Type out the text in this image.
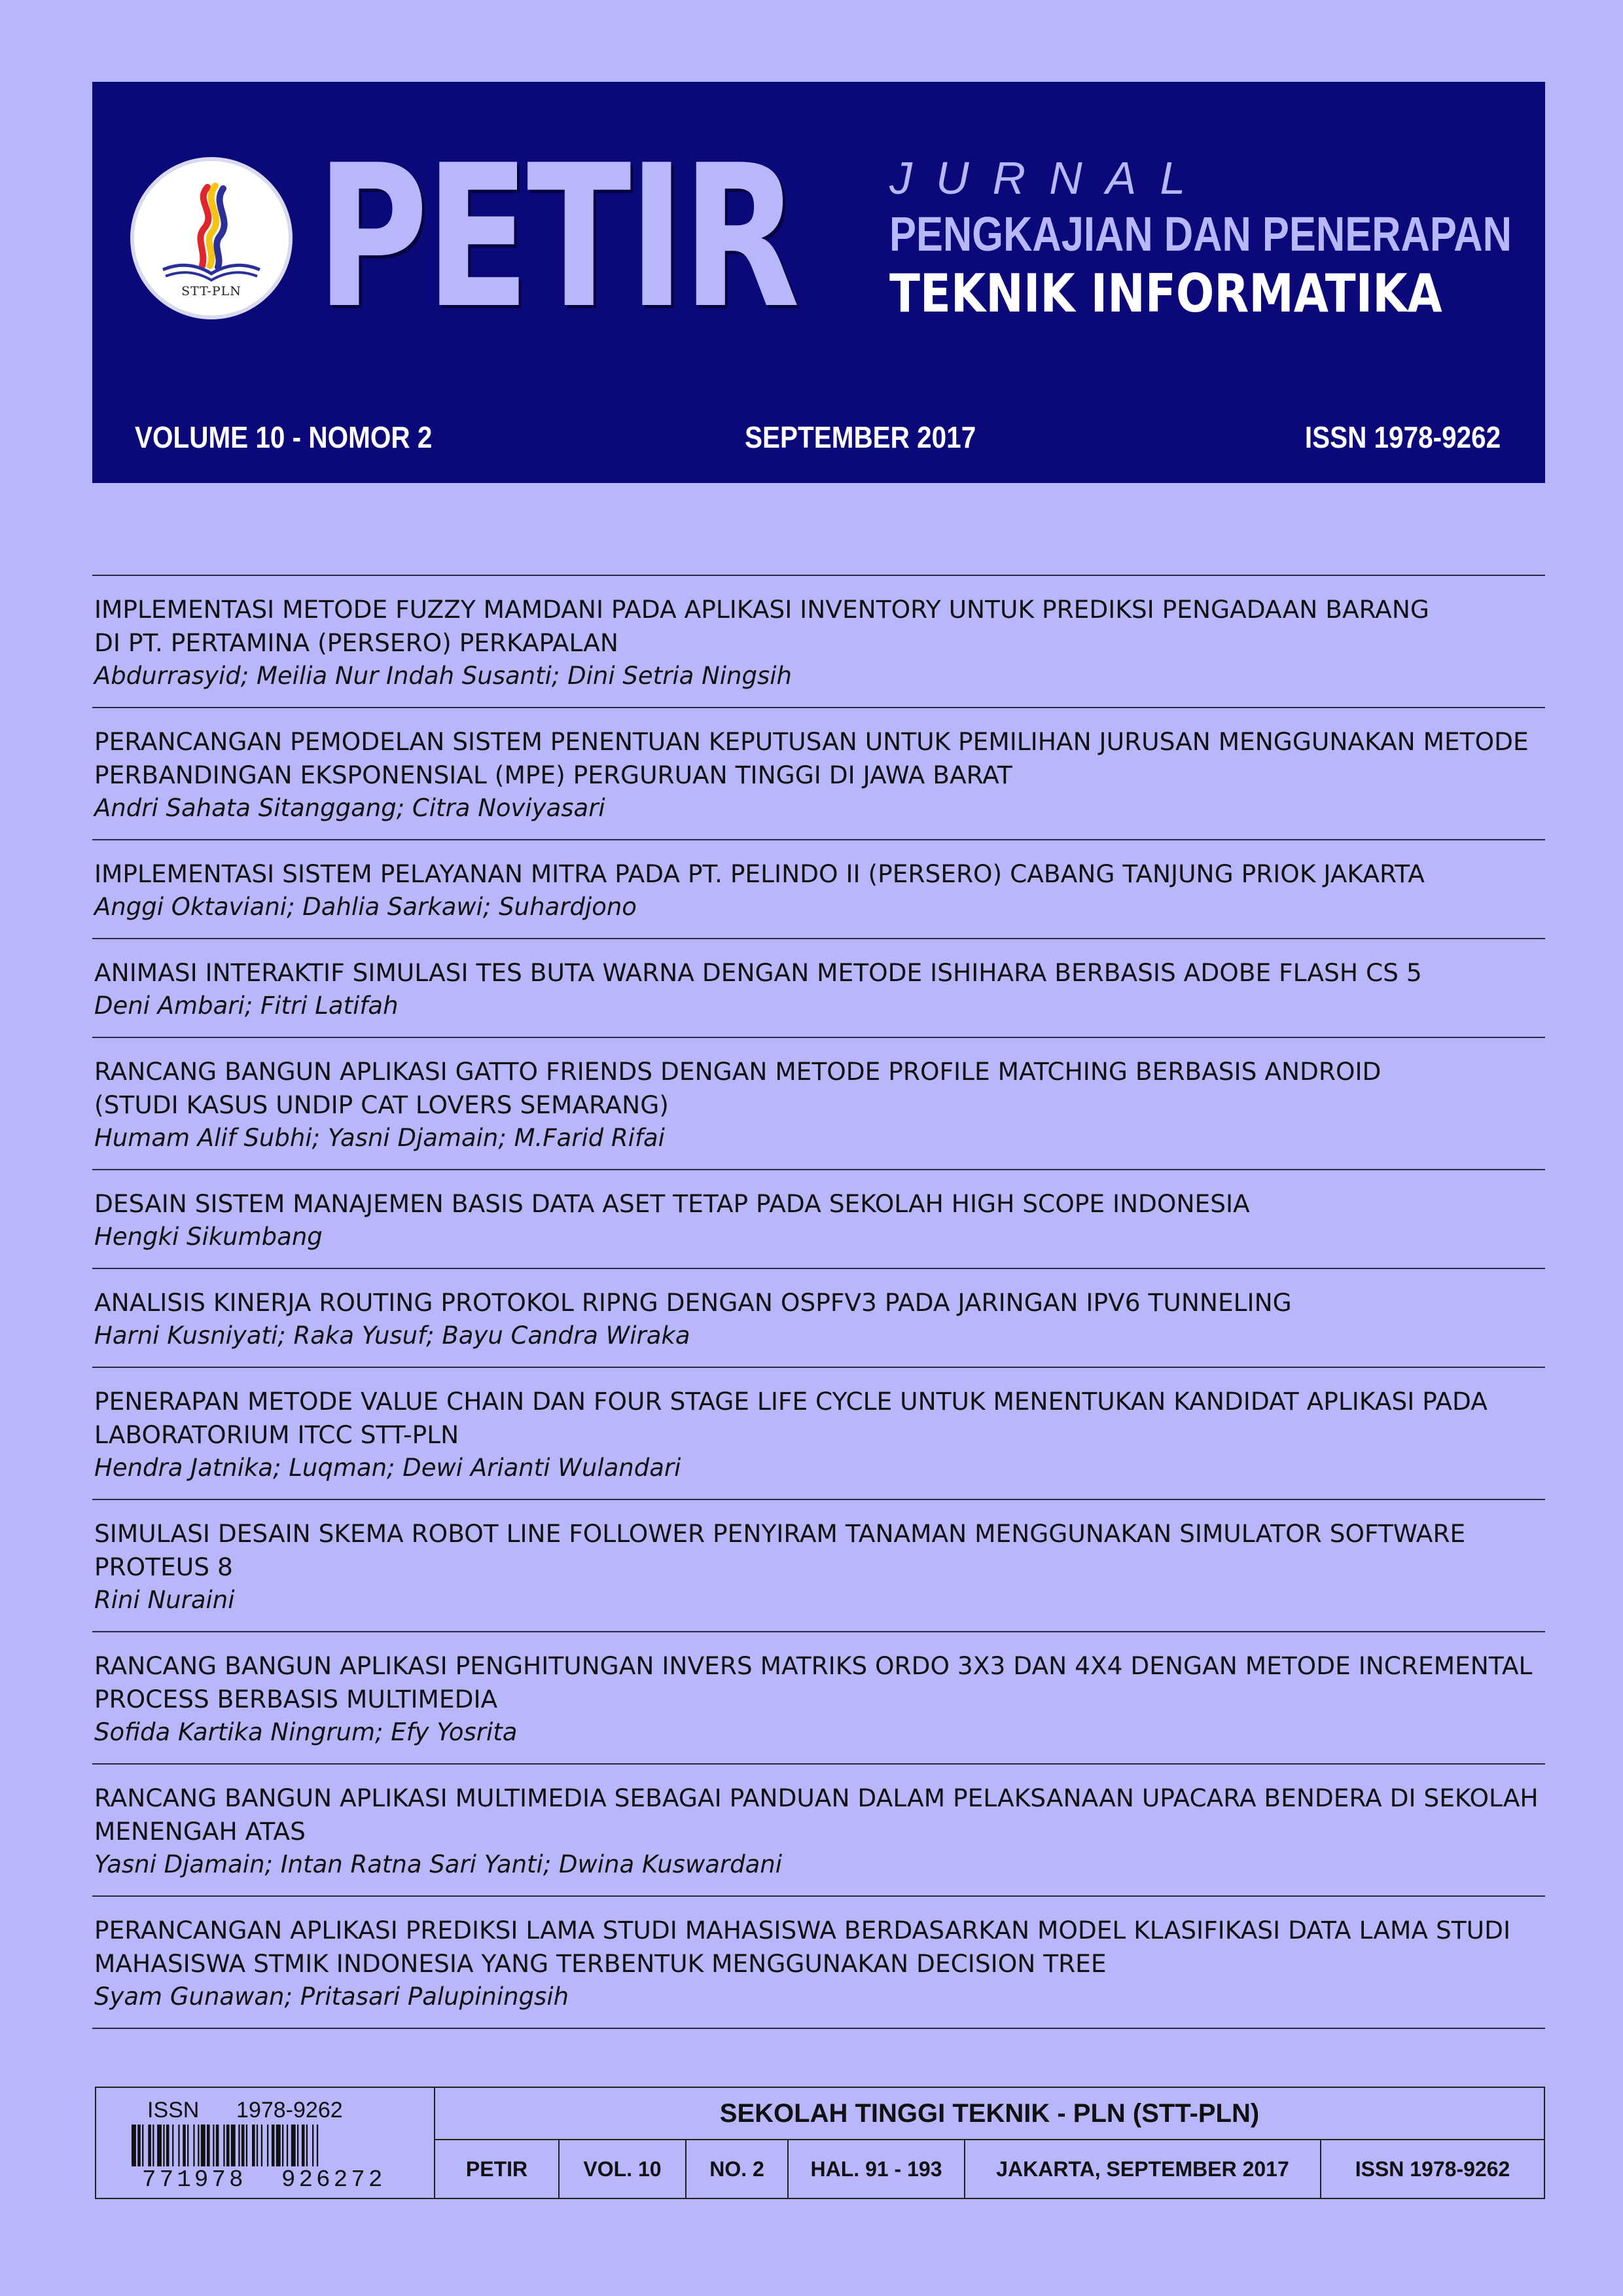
STT-PLN PETIR JURNAL
PENGKAJIAN DAN PENERAPAN
TEKNIK INFORMATIKA
VOLUME 10 - NOMOR 2	SEPTEMBER 2017	ISSN 1978-9262
IMPLEMENTASI METODE FUZZY MAMDANI PADA APLIKASI INVENTORY UNTUK PREDIKSI PENGADAAN BARANG
DI PT. PERTAMINA (PERSERO) PERKAPALAN
Abdurrasyid; Meilia Nur Indah Susanti; Dini Setria Ningsih
PERANCANGAN PEMODELAN SISTEM PENENTUAN KEPUTUSAN UNTUK PEMILIHAN JURUSAN MENGGUNAKAN METODE
PERBANDINGAN EKSPONENSIAL (MPE) PERGURUAN TINGGI DI JAWA BARAT
Andri Sahata Sitanggang; Citra Noviyasari
IMPLEMENTASI SISTEM PELAYANAN MITRA PADA PT. PELINDO II (PERSERO) CABANG TANJUNG PRIOK JAKARTA
Anggi Oktaviani; Dahlia Sarkawi; Suhardjono
ANIMASI INTERAKTIF SIMULASI TES BUTA WARNA DENGAN METODE ISHIHARA BERBASIS ADOBE FLASH CS 5
Deni Ambari; Fitri Latifah
RANCANG BANGUN APLIKASI GATTO FRIENDS DENGAN METODE PROFILE MATCHING BERBASIS ANDROID
(STUDI KASUS UNDIP CAT LOVERS SEMARANG)
Humam Alif Subhi; Yasni Djamain; M.Farid Rifai
DESAIN SISTEM MANAJEMEN BASIS DATA ASET TETAP PADA SEKOLAH HIGH SCOPE INDONESIA
Hengki Sikumbang
ANALISIS KINERJA ROUTING PROTOKOL RIPNG DENGAN OSPFV3 PADA JARINGAN IPV6 TUNNELING
Harni Kusniyati; Raka Yusuf; Bayu Candra Wiraka
PENERAPAN METODE VALUE CHAIN DAN FOUR STAGE LIFE CYCLE UNTUK MENENTUKAN KANDIDAT APLIKASI PADA
LABORATORIUM ITCC STT-PLN
Hendra Jatnika; Luqman; Dewi Arianti Wulandari
SIMULASI DESAIN SKEMA ROBOT LINE FOLLOWER PENYIRAM TANAMAN MENGGUNAKAN SIMULATOR SOFTWARE
PROTEUS 8
Rini Nuraini
RANCANG BANGUN APLIKASI PENGHITUNGAN INVERS MATRIKS ORDO 3X3 DAN 4X4 DENGAN METODE INCREMENTAL
PROCESS BERBASIS MULTIMEDIA
Sofida Kartika Ningrum; Efy Yosrita
RANCANG BANGUN APLIKASI MULTIMEDIA SEBAGAI PANDUAN DALAM PELAKSANAAN UPACARA BENDERA DI SEKOLAH
MENENGAH ATAS
Yasni Djamain; Intan Ratna Sari Yanti; Dwina Kuswardani
PERANCANGAN APLIKASI PREDIKSI LAMA STUDI MAHASISWA BERDASARKAN MODEL KLASIFIKASI DATA LAMA STUDI
MAHASISWA STMIK INDONESIA YANG TERBENTUK MENGGUNAKAN DECISION TREE
Syam Gunawan; Pritasari Palupiningsih
ISSN 1978-9262
771978 926272
SEKOLAH TINGGI TEKNIK - PLN (STT-PLN)
PETIR	VOL. 10	NO. 2	HAL. 91 - 193	JAKARTA, SEPTEMBER 2017	ISSN 1978-9262
